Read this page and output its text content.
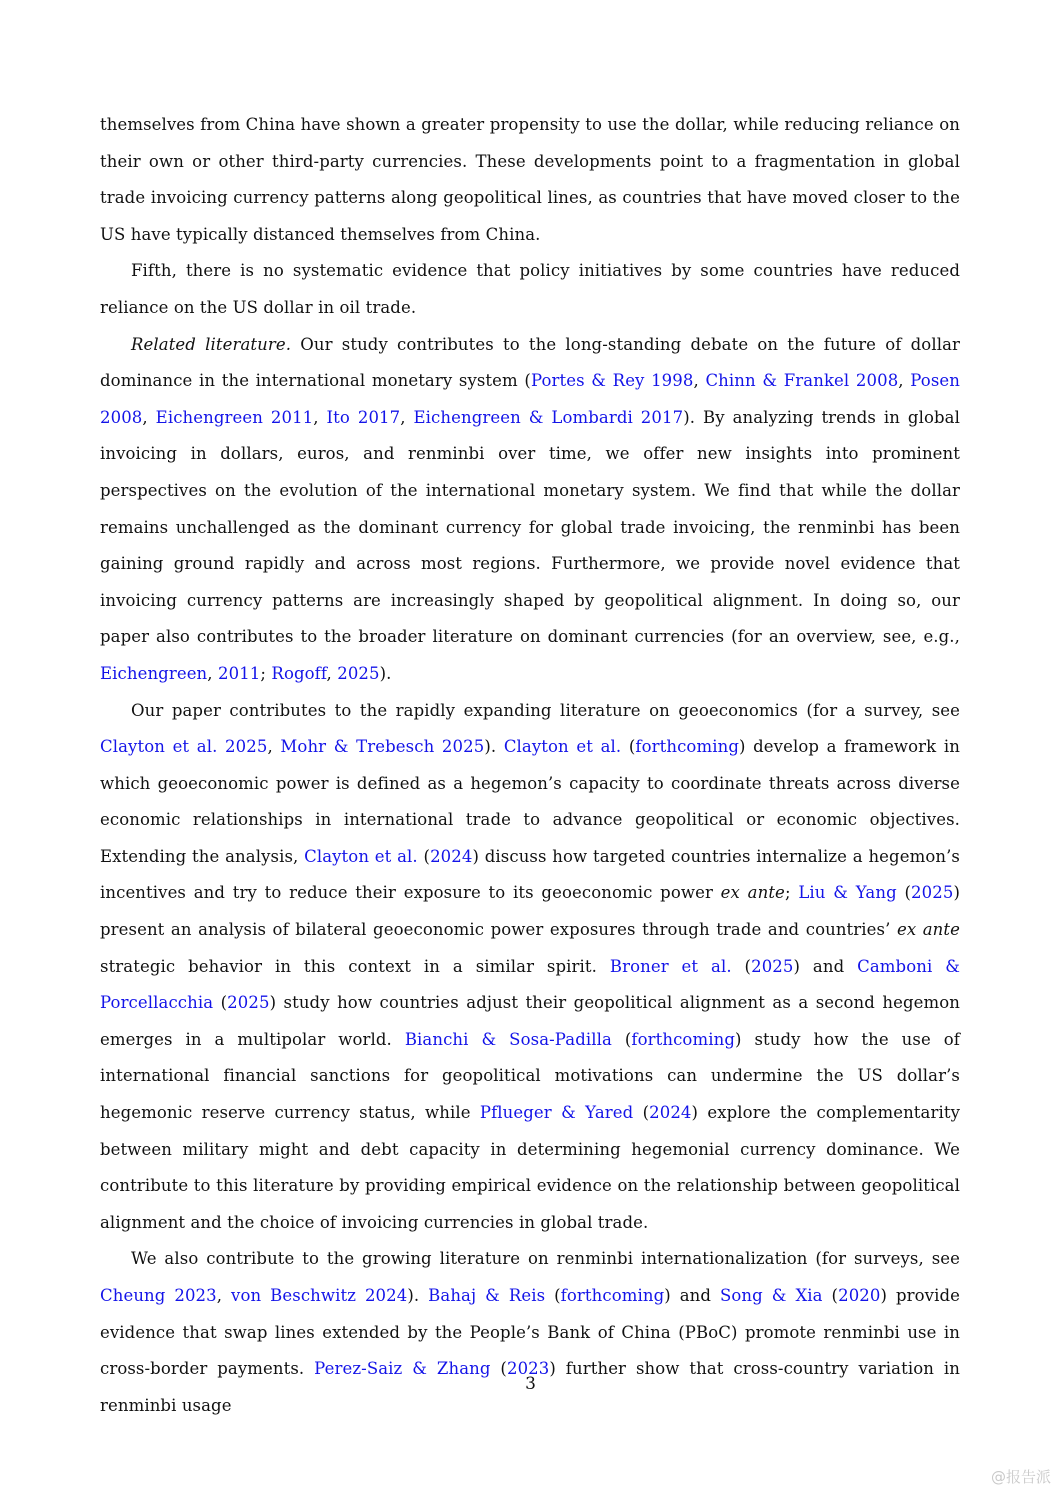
themselves from China have shown a greater propensity to use the dollar, while reducing reliance on their own or other third-party currencies. These developments point to a fragmentation in global trade invoicing currency patterns along geopolitical lines, as countries that have moved closer to the US have typically distanced themselves from China.

Fifth, there is no systematic evidence that policy initiatives by some countries have reduced reliance on the US dollar in oil trade.

Related literature. Our study contributes to the long-standing debate on the future of dollar dominance in the international monetary system (Portes & Rey 1998, Chinn & Frankel 2008, Posen 2008, Eichengreen 2011, Ito 2017, Eichengreen & Lombardi 2017). By analyzing trends in global invoicing in dollars, euros, and renminbi over time, we offer new insights into prominent perspectives on the evolution of the international monetary system. We find that while the dollar remains unchallenged as the dominant currency for global trade invoicing, the renminbi has been gaining ground rapidly and across most regions. Furthermore, we provide novel evidence that invoicing currency patterns are increasingly shaped by geopolitical alignment. In doing so, our paper also contributes to the broader literature on dominant currencies (for an overview, see, e.g., Eichengreen, 2011; Rogoff, 2025).

Our paper contributes to the rapidly expanding literature on geoeconomics (for a survey, see Clayton et al. 2025, Mohr & Trebesch 2025). Clayton et al. (forthcoming) develop a framework in which geoeconomic power is defined as a hegemon’s capacity to coordinate threats across diverse economic relationships in international trade to advance geopolitical or economic objectives. Extending the analysis, Clayton et al. (2024) discuss how targeted countries internalize a hegemon’s incentives and try to reduce their exposure to its geoeconomic power ex ante; Liu & Yang (2025) present an analysis of bilateral geoeconomic power exposures through trade and countries’ ex ante strategic behavior in this context in a similar spirit. Broner et al. (2025) and Camboni & Porcellacchia (2025) study how countries adjust their geopolitical alignment as a second hegemon emerges in a multipolar world. Bianchi & Sosa-Padilla (forthcoming) study how the use of international financial sanctions for geopolitical motivations can undermine the US dollar’s hegemonic reserve currency status, while Pflueger & Yared (2024) explore the complementarity between military might and debt capacity in determining hegemonial currency dominance. We contribute to this literature by providing empirical evidence on the relationship between geopolitical alignment and the choice of invoicing currencies in global trade.

We also contribute to the growing literature on renminbi internationalization (for surveys, see Cheung 2023, von Beschwitz 2024). Bahaj & Reis (forthcoming) and Song & Xia (2020) provide evidence that swap lines extended by the People’s Bank of China (PBoC) promote renminbi use in cross-border payments. Perez-Saiz & Zhang (2023) further show that cross-country variation in renminbi usage

3
@报告派
